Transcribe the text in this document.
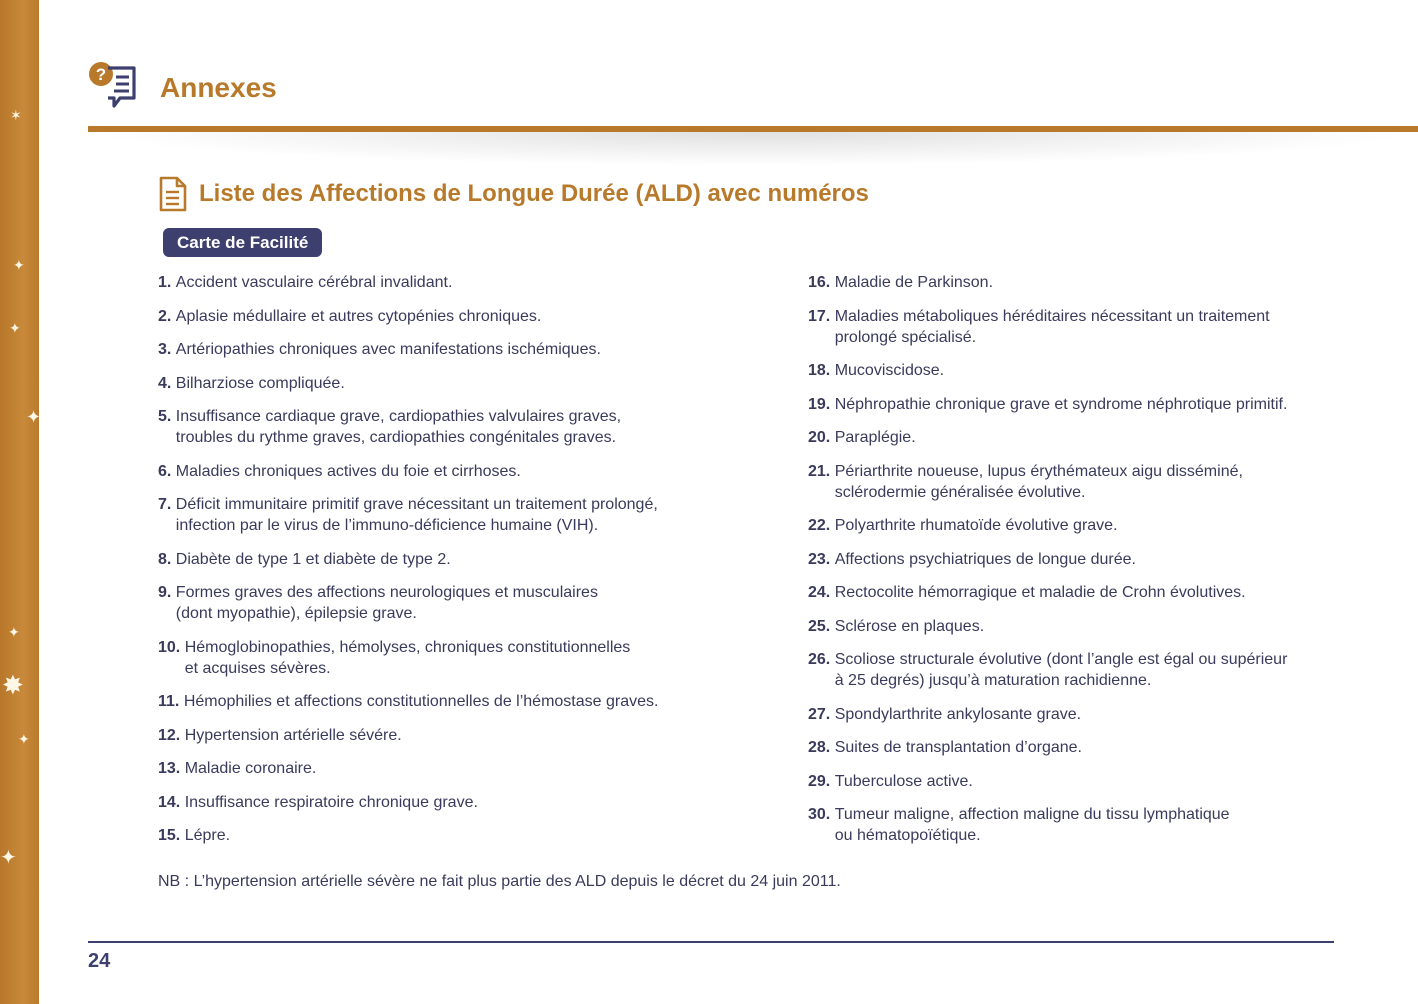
✶
✦
✦
✦
✦
✸
✦
✦
? Annexes
Liste des Affections de Longue Durée (ALD) avec numéros
Carte de Facilité
1.
Accident vasculaire cérébral invalidant.
2.
Aplasie médullaire et autres cytopénies chroniques.
3.
Artériopathies chroniques avec manifestations ischémiques.
4.
Bilharziose compliquée.
5.
Insuffisance cardiaque grave, cardiopathies valvulaires graves,
troubles du rythme graves, cardiopathies congénitales graves.
6.
Maladies chroniques actives du foie et cirrhoses.
7.
Déficit immunitaire primitif grave nécessitant un traitement prolongé,
infection par le virus de l’immuno-déficience humaine (VIH).
8.
Diabète de type 1 et diabète de type 2.
9.
Formes graves des affections neurologiques et musculaires
(dont myopathie), épilepsie grave.
10.
Hémoglobinopathies, hémolyses, chroniques constitutionnelles
et acquises sévères.
11.
Hémophilies et affections constitutionnelles de l’hémostase graves.
12.
Hypertension artérielle sévére.
13.
Maladie coronaire.
14.
Insuffisance respiratoire chronique grave.
15.
Lépre.
16.
Maladie de Parkinson.
17.
Maladies métaboliques héréditaires nécessitant un traitement
prolongé spécialisé.
18.
Mucoviscidose.
19.
Néphropathie chronique grave et syndrome néphrotique primitif.
20.
Paraplégie.
21.
Périarthrite noueuse, lupus érythémateux aigu disséminé,
sclérodermie généralisée évolutive.
22.
Polyarthrite rhumatoïde évolutive grave.
23.
Affections psychiatriques de longue durée.
24.
Rectocolite hémorragique et maladie de Crohn évolutives.
25.
Sclérose en plaques.
26.
Scoliose structurale évolutive (dont l’angle est égal ou supérieur
à 25 degrés) jusqu’à maturation rachidienne.
27.
Spondylarthrite ankylosante grave.
28.
Suites de transplantation d’organe.
29.
Tuberculose active.
30.
Tumeur maligne, affection maligne du tissu lymphatique
ou hématopoïétique.
NB : L’hypertension artérielle sévère ne fait plus partie des ALD depuis le décret du 24 juin 2011.
24
